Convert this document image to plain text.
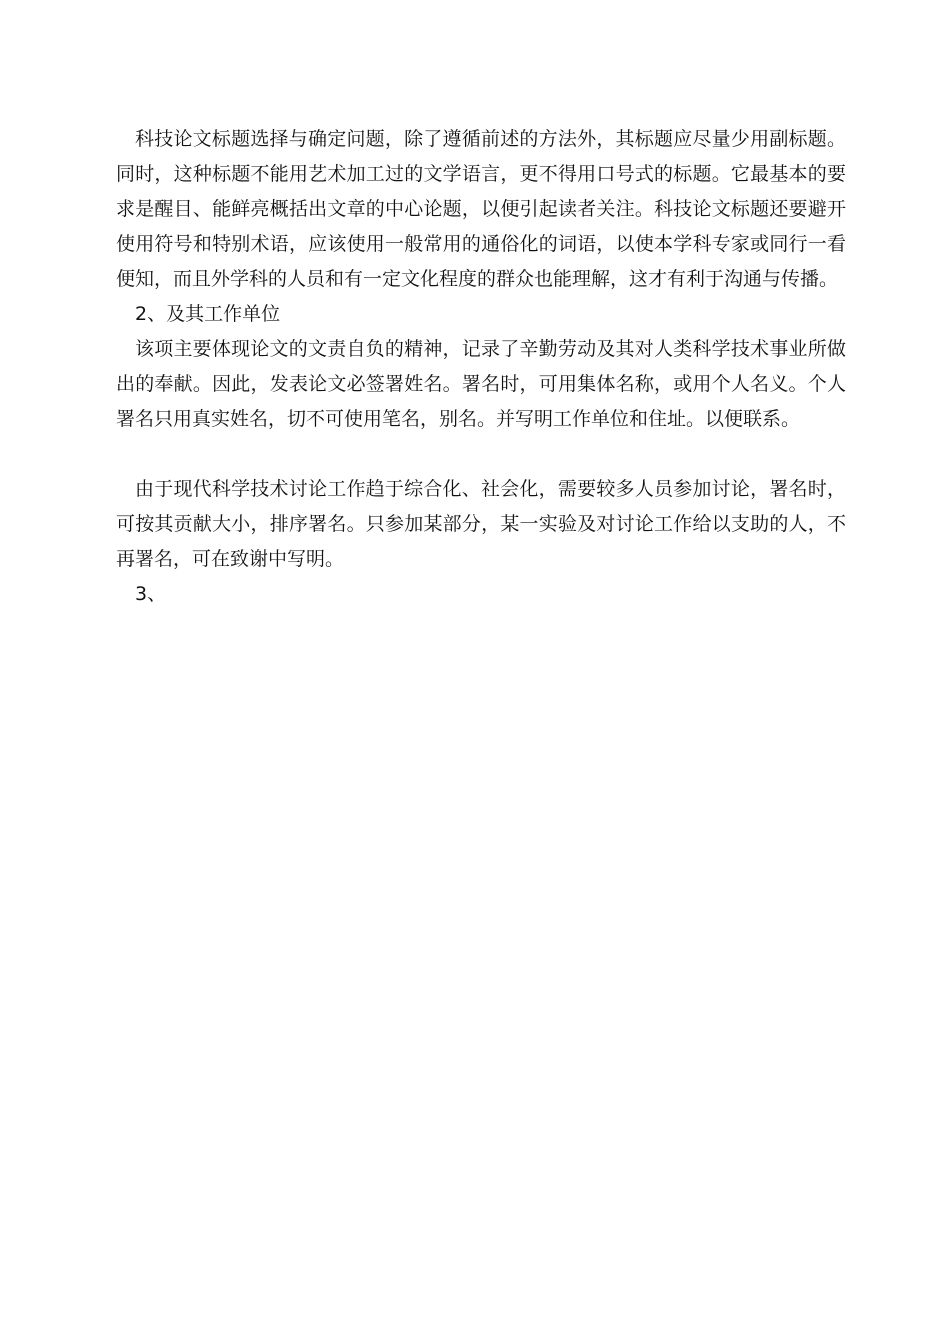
科技论文标题选择与确定问题，除了遵循前述的方法外，其标题应尽量少用副标题。同时，这种标题不能用艺术加工过的文学语言，更不得用口号式的标题。它最基本的要求是醒目、能鲜亮概括出文章的中心论题，以便引起读者关注。科技论文标题还要避开使用符号和特别术语，应该使用一般常用的通俗化的词语，以使本学科专家或同行一看便知，而且外学科的人员和有一定文化程度的群众也能理解，这才有利于沟通与传播。

2、及其工作单位

该项主要体现论文的文责自负的精神，记录了辛勤劳动及其对人类科学技术事业所做出的奉献。因此，发表论文必签署姓名。署名时，可用集体名称，或用个人名义。个人署名只用真实姓名，切不可使用笔名，别名。并写明工作单位和住址。以便联系。

由于现代科学技术讨论工作趋于综合化、社会化，需要较多人员参加讨论，署名时，可按其贡献大小，排序署名。只参加某部分，某一实验及对讨论工作给以支助的人，不再署名，可在致谢中写明。

3、
